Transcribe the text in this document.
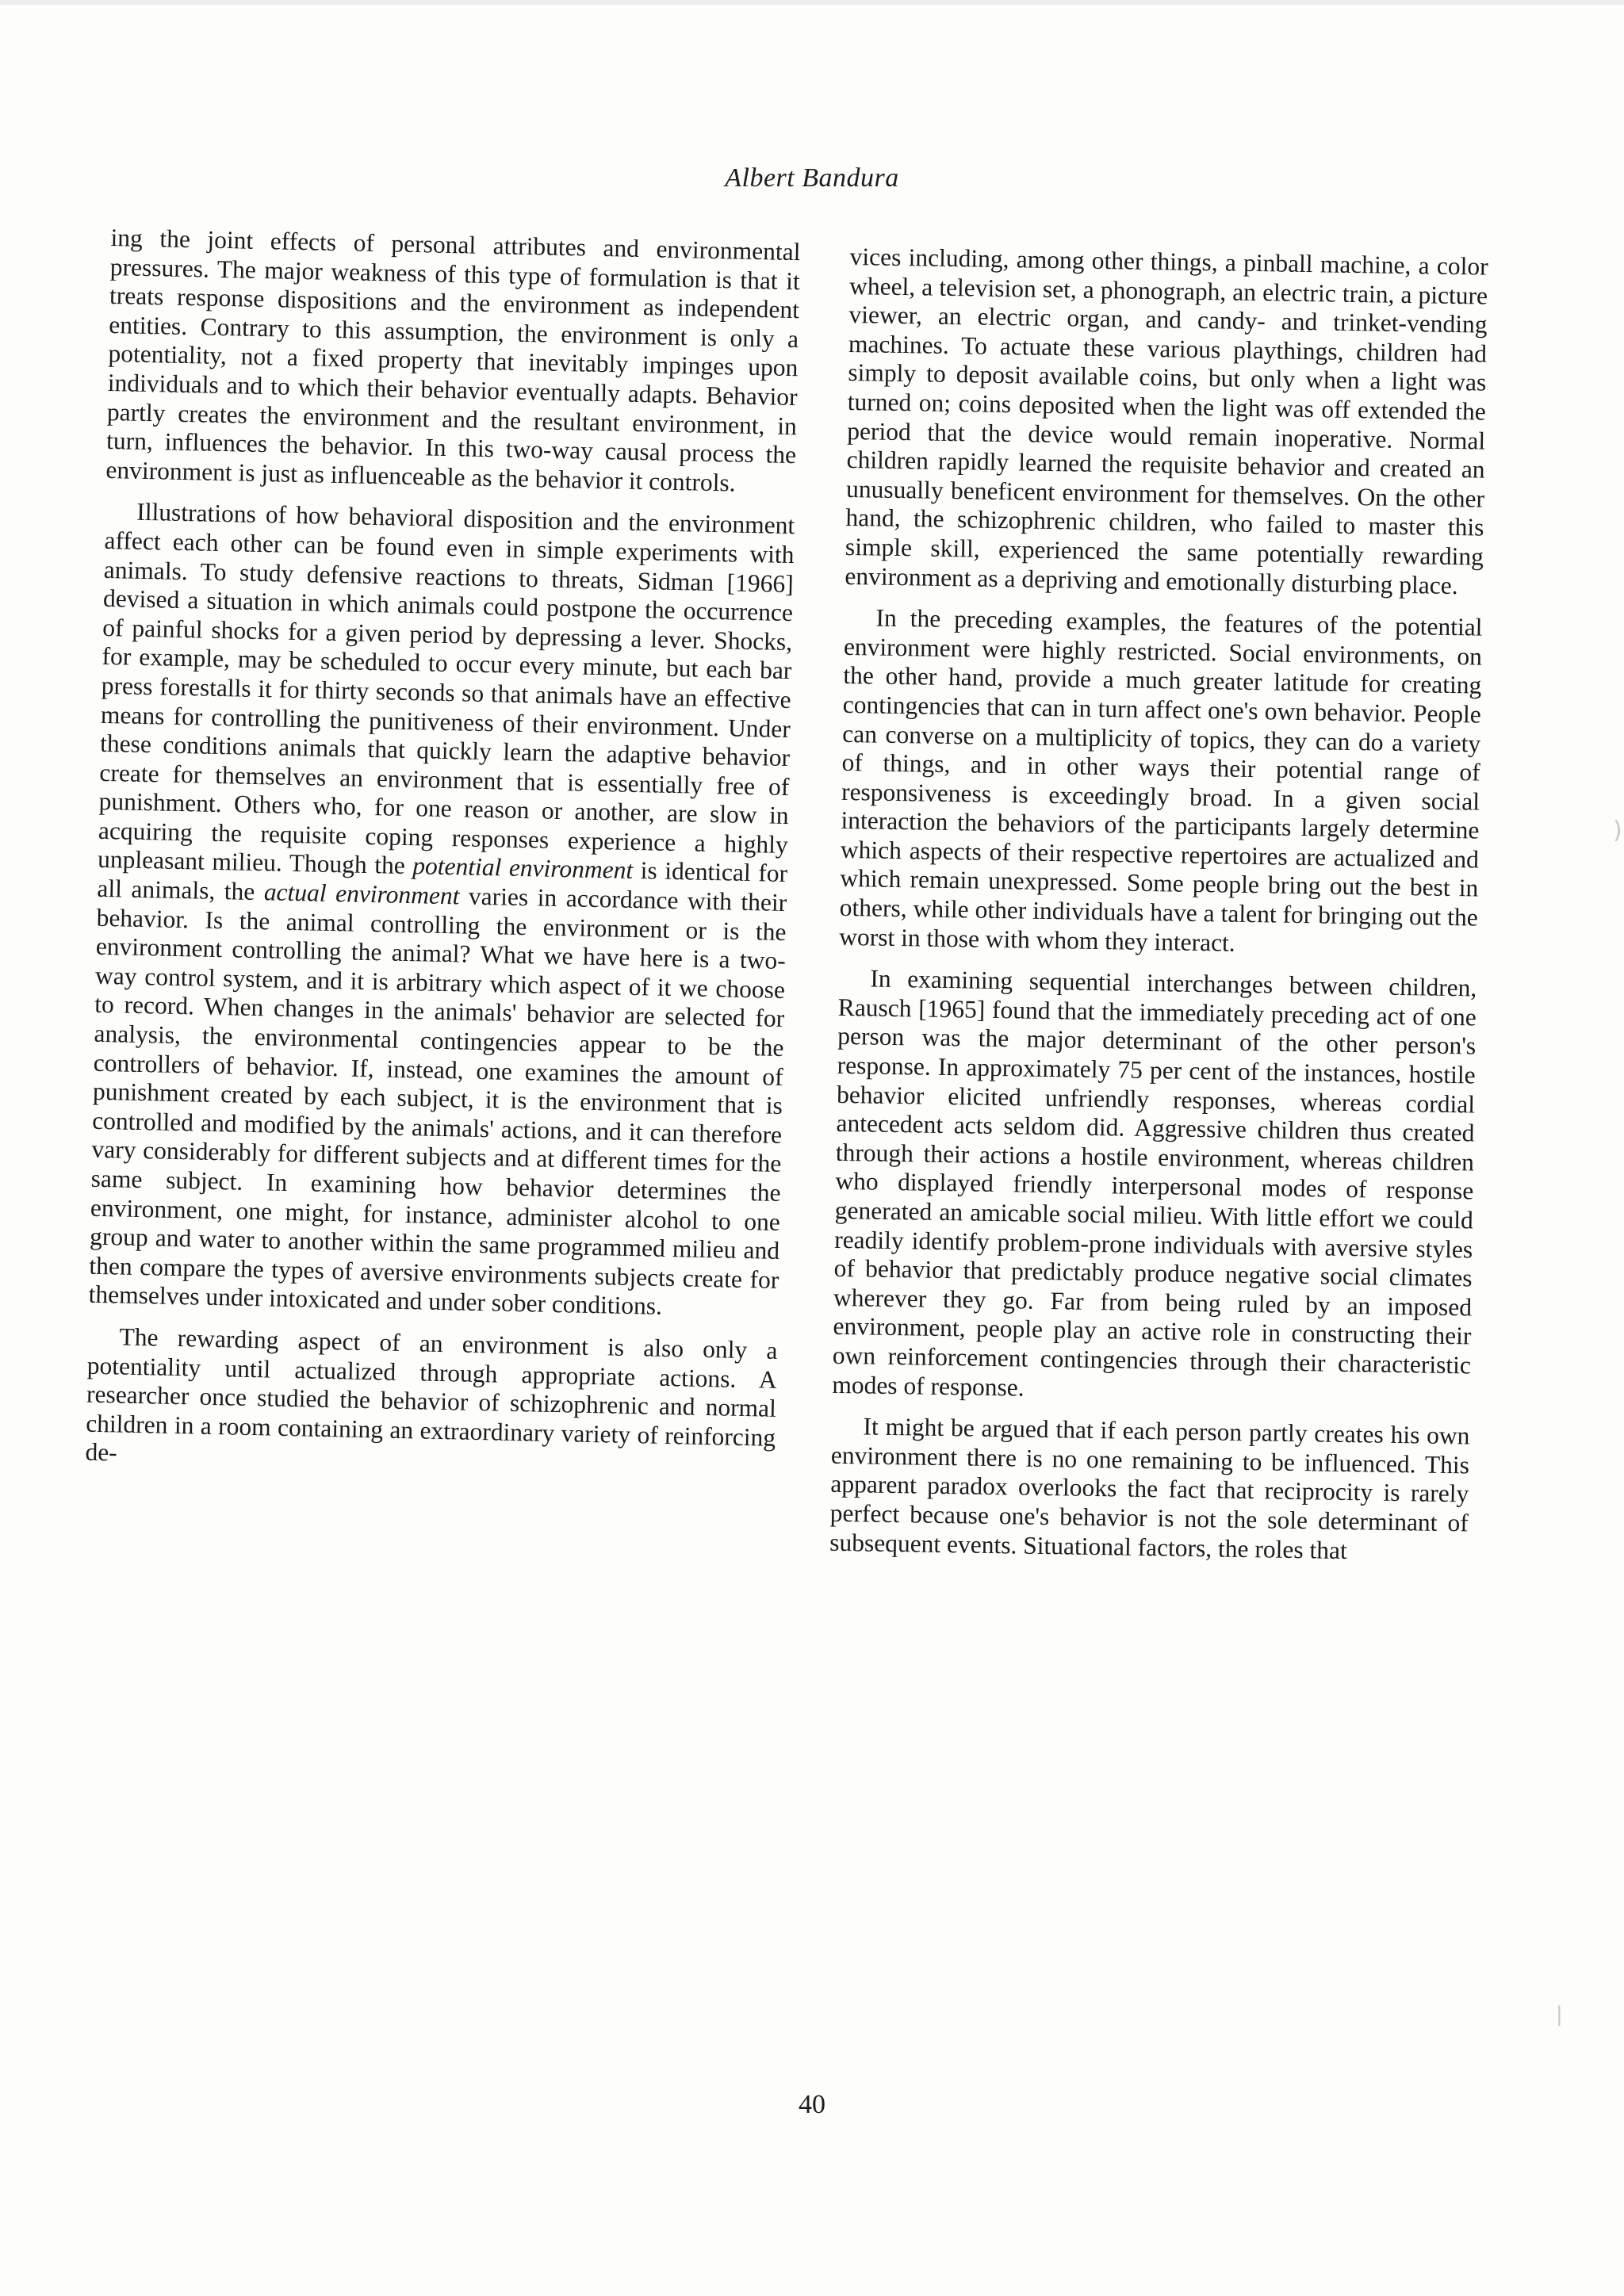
Albert Bandura

ing the joint effects of personal attributes and environmental pressures. The major weakness of this type of formulation is that it treats response dispositions and the environment as independent entities. Contrary to this assumption, the environment is only a potentiality, not a fixed property that inevitably impinges upon individuals and to which their behavior eventually adapts. Behavior partly creates the environment and the resultant environment, in turn, influences the behavior. In this two-way causal process the environment is just as influenceable as the behavior it controls.

Illustrations of how behavioral disposition and the environment affect each other can be found even in simple experiments with animals. To study defensive reactions to threats, Sidman [1966] devised a situation in which animals could postpone the occurrence of painful shocks for a given period by depressing a lever. Shocks, for example, may be scheduled to occur every minute, but each bar press forestalls it for thirty seconds so that animals have an effective means for controlling the punitiveness of their environment. Under these conditions animals that quickly learn the adaptive behavior create for themselves an environment that is essentially free of punishment. Others who, for one reason or another, are slow in acquiring the requisite coping responses experience a highly unpleasant milieu. Though the potential environment is identical for all animals, the actual environment varies in accordance with their behavior. Is the animal controlling the environment or is the environment controlling the animal? What we have here is a two-way control system, and it is arbitrary which aspect of it we choose to record. When changes in the animals' behavior are selected for analysis, the environmental contingencies appear to be the controllers of behavior. If, instead, one examines the amount of punishment created by each subject, it is the environment that is controlled and modified by the animals' actions, and it can therefore vary considerably for different subjects and at different times for the same subject. In examining how behavior determines the environment, one might, for instance, administer alcohol to one group and water to another within the same programmed milieu and then compare the types of aversive environments subjects create for themselves under intoxicated and under sober conditions.

The rewarding aspect of an environment is also only a potentiality until actualized through appropriate actions. A researcher once studied the behavior of schizophrenic and normal children in a room containing an extraordinary variety of reinforcing de-

vices including, among other things, a pinball machine, a color wheel, a television set, a phonograph, an electric train, a picture viewer, an electric organ, and candy- and trinket-vending machines. To actuate these various playthings, children had simply to deposit available coins, but only when a light was turned on; coins deposited when the light was off extended the period that the device would remain inoperative. Normal children rapidly learned the requisite behavior and created an unusually beneficent environment for themselves. On the other hand, the schizophrenic children, who failed to master this simple skill, experienced the same potentially rewarding environment as a depriving and emotionally disturbing place.

In the preceding examples, the features of the potential environment were highly restricted. Social environments, on the other hand, provide a much greater latitude for creating contingencies that can in turn affect one's own behavior. People can converse on a multiplicity of topics, they can do a variety of things, and in other ways their potential range of responsiveness is exceedingly broad. In a given social interaction the behaviors of the participants largely determine which aspects of their respective repertoires are actualized and which remain unexpressed. Some people bring out the best in others, while other individuals have a talent for bringing out the worst in those with whom they interact.

In examining sequential interchanges between children, Rausch [1965] found that the immediately preceding act of one person was the major determinant of the other person's response. In approximately 75 per cent of the instances, hostile behavior elicited unfriendly responses, whereas cordial antecedent acts seldom did. Aggressive children thus created through their actions a hostile environment, whereas children who displayed friendly interpersonal modes of response generated an amicable social milieu. With little effort we could readily identify problem-prone individuals with aversive styles of behavior that predictably produce negative social climates wherever they go. Far from being ruled by an imposed environment, people play an active role in constructing their own reinforcement contingencies through their characteristic modes of response.

It might be argued that if each person partly creates his own environment there is no one remaining to be influenced. This apparent paradox overlooks the fact that reciprocity is rarely perfect because one's behavior is not the sole determinant of subsequent events. Situational factors, the roles that

40
)
|
